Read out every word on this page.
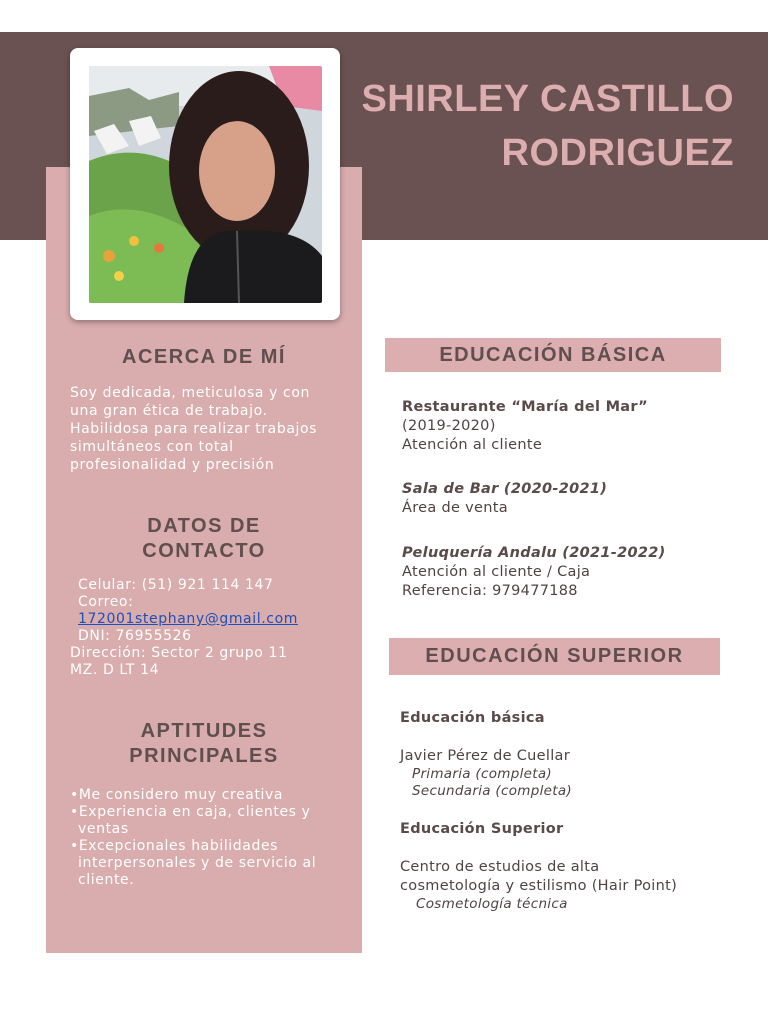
SHIRLEY CASTILLO
RODRIGUEZ
ACERCA DE MÍ
Soy dedicada, meticulosa y con una gran ética de trabajo. Habilidosa para realizar trabajos simultáneos con total profesionalidad y precisión
DATOS DE
CONTACTO
Celular: (51) 921 114 147
Correo:
172001stephany@gmail.com
DNI: 76955526
Dirección: Sector 2 grupo 11
MZ. D LT 14
APTITUDES
PRINCIPALES
•Me considero muy creativa
•Experiencia en caja, clientes y ventas
•Excepcionales habilidades interpersonales y de servicio al cliente.
EDUCACIÓN BÁSICA
Restaurante “María del Mar”
(2019-2020)
Atención al cliente
Sala de Bar (2020-2021)
Área de venta
Peluquería Andalu (2021-2022)
Atención al cliente / Caja
Referencia: 979477188
EDUCACIÓN SUPERIOR
Educación básica
Javier Pérez de Cuellar
Primaria (completa)
Secundaria (completa)
Educación Superior
Centro de estudios de alta
cosmetología y estilismo (Hair Point)
Cosmetología técnica
